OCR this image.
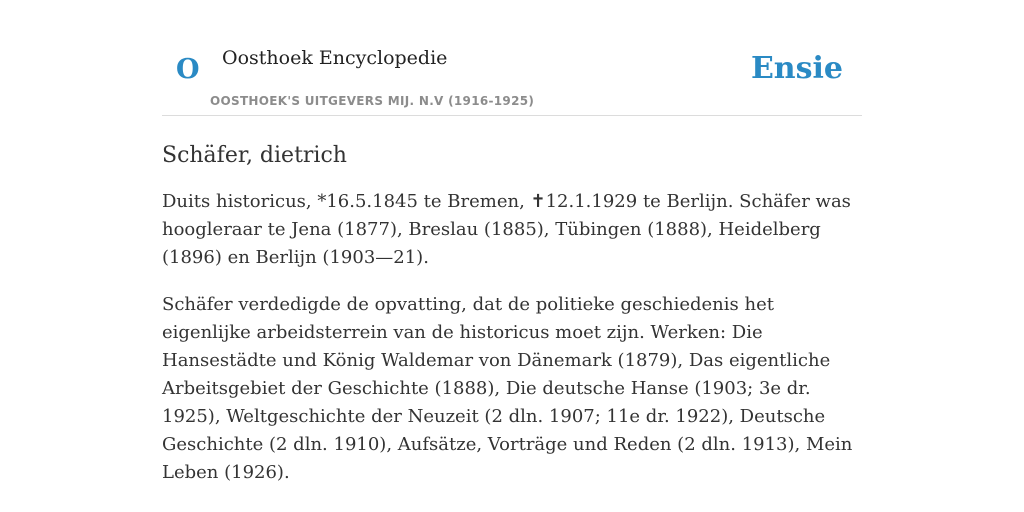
O Oosthoek Encyclopedie
OOSTHOEK'S UITGEVERS MIJ. N.V (1916-1925)
Ensie
Schäfer, dietrich

Duits historicus, *16.5.1845 te Bremen, ✝12.1.1929 te Berlijn. Schäfer was hoogleraar te Jena (1877), Breslau (1885), Tübingen (1888), Heidelberg (1896) en Berlijn (1903—21).

Schäfer verdedigde de opvatting, dat de politieke geschiedenis het eigenlijke arbeidsterrein van de historicus moet zijn. Werken: Die Hansestädte und König Waldemar von Dänemark (1879), Das eigentliche Arbeitsgebiet der Geschichte (1888), Die deutsche Hanse (1903; 3e dr. 1925), Weltgeschichte der Neuzeit (2 dln. 1907; 11e dr. 1922), Deutsche Geschichte (2 dln. 1910), Aufsätze, Vorträge und Reden (2 dln. 1913), Mein Leben (1926).
